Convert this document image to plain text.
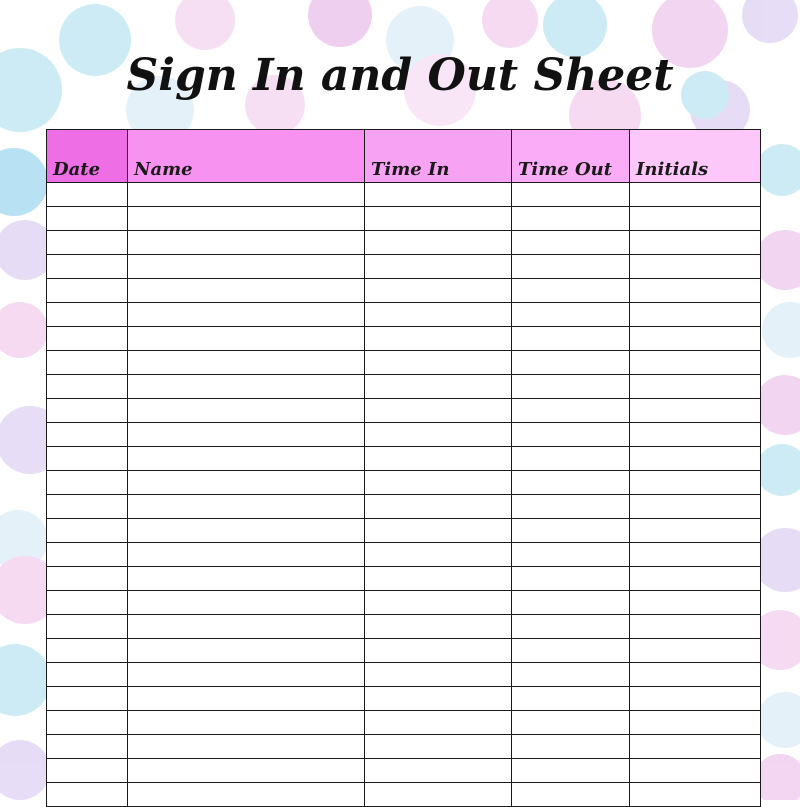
Sign In and Out Sheet
Date	Name	Time In	Time Out	Initials
